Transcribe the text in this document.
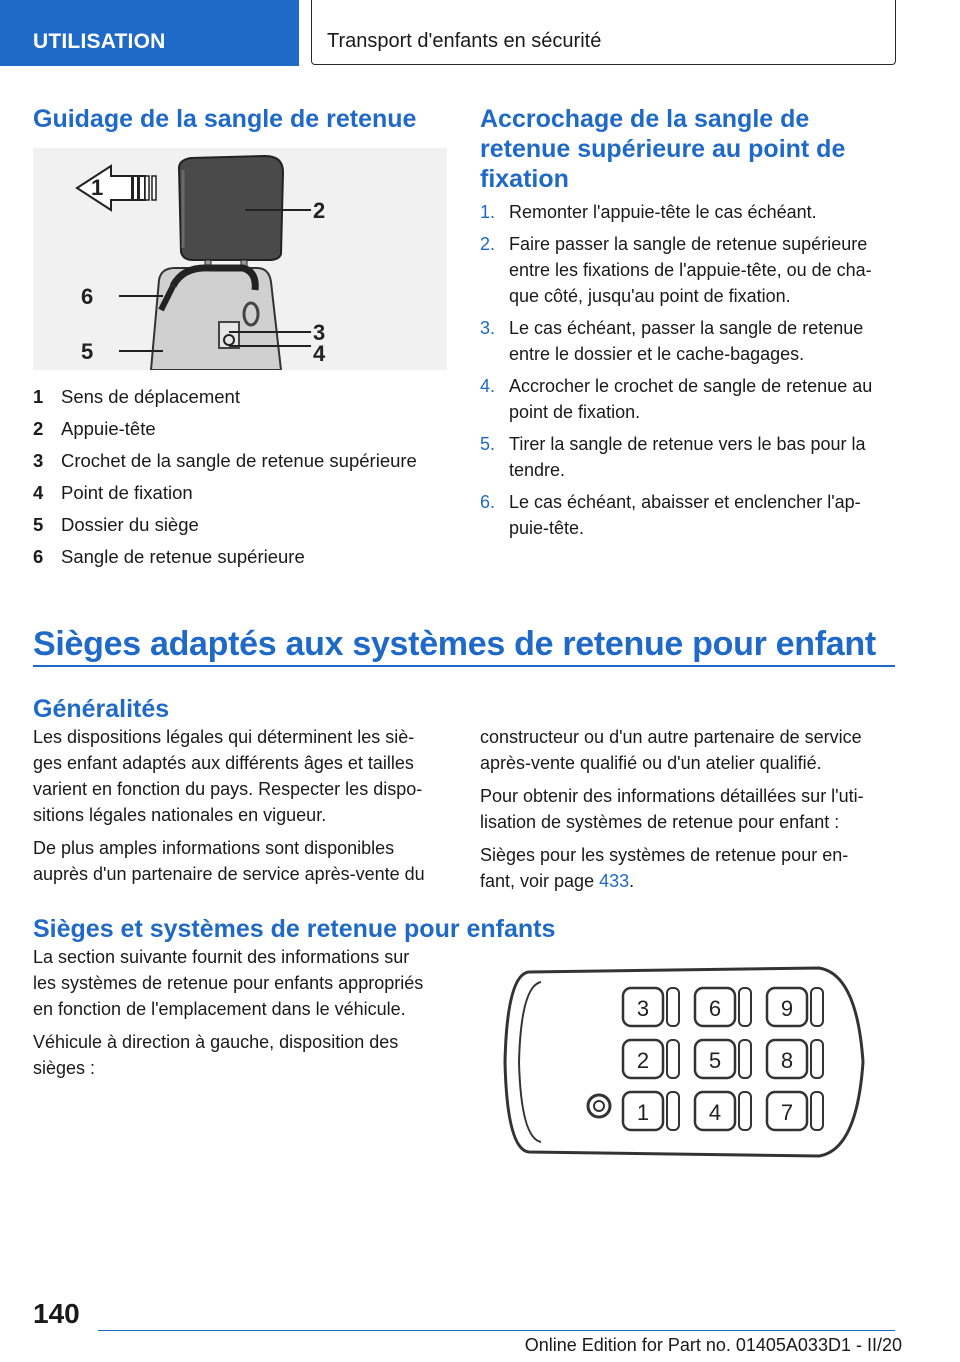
UTILISATION	Transport d'enfants en sécurité
Guidage de la sangle de retenue
1
2
3
4
5
6
1 Sens de déplacement
2 Appuie-tête
3 Crochet de la sangle de retenue supérieure
4 Point de fixation
5 Dossier du siège
6 Sangle de retenue supérieure
Accrochage de la sangle de
retenue supérieure au point de
fixation
1. Remonter l'appuie-tête le cas échéant.
2. Faire passer la sangle de retenue supérieure
entre les fixations de l'appuie-tête, ou de cha‐
que côté, jusqu'au point de fixation.
3. Le cas échéant, passer la sangle de retenue
entre le dossier et le cache-bagages.
4. Accrocher le crochet de sangle de retenue au
point de fixation.
5. Tirer la sangle de retenue vers le bas pour la
tendre.
6. Le cas échéant, abaisser et enclencher l'ap‐
puie-tête.
Sièges adaptés aux systèmes de retenue pour enfant
Généralités

Les dispositions légales qui déterminent les siè‐
ges enfant adaptés aux différents âges et tailles
varient en fonction du pays. Respecter les dispo‐
sitions légales nationales en vigueur.

De plus amples informations sont disponibles
auprès d'un partenaire de service après-vente du

constructeur ou d'un autre partenaire de service
après-vente qualifié ou d'un atelier qualifié.

Pour obtenir des informations détaillées sur l'uti‐
lisation de systèmes de retenue pour enfant :

Sièges pour les systèmes de retenue pour en‐
fant, voir page 433.

Sièges et systèmes de retenue pour enfants

La section suivante fournit des informations sur
les systèmes de retenue pour enfants appropriés
en fonction de l'emplacement dans le véhicule.

Véhicule à direction à gauche, disposition des
sièges :

3	6	9
2	5	8
1	4	7
140
Online Edition for Part no. 01405A033D1 - II/20
